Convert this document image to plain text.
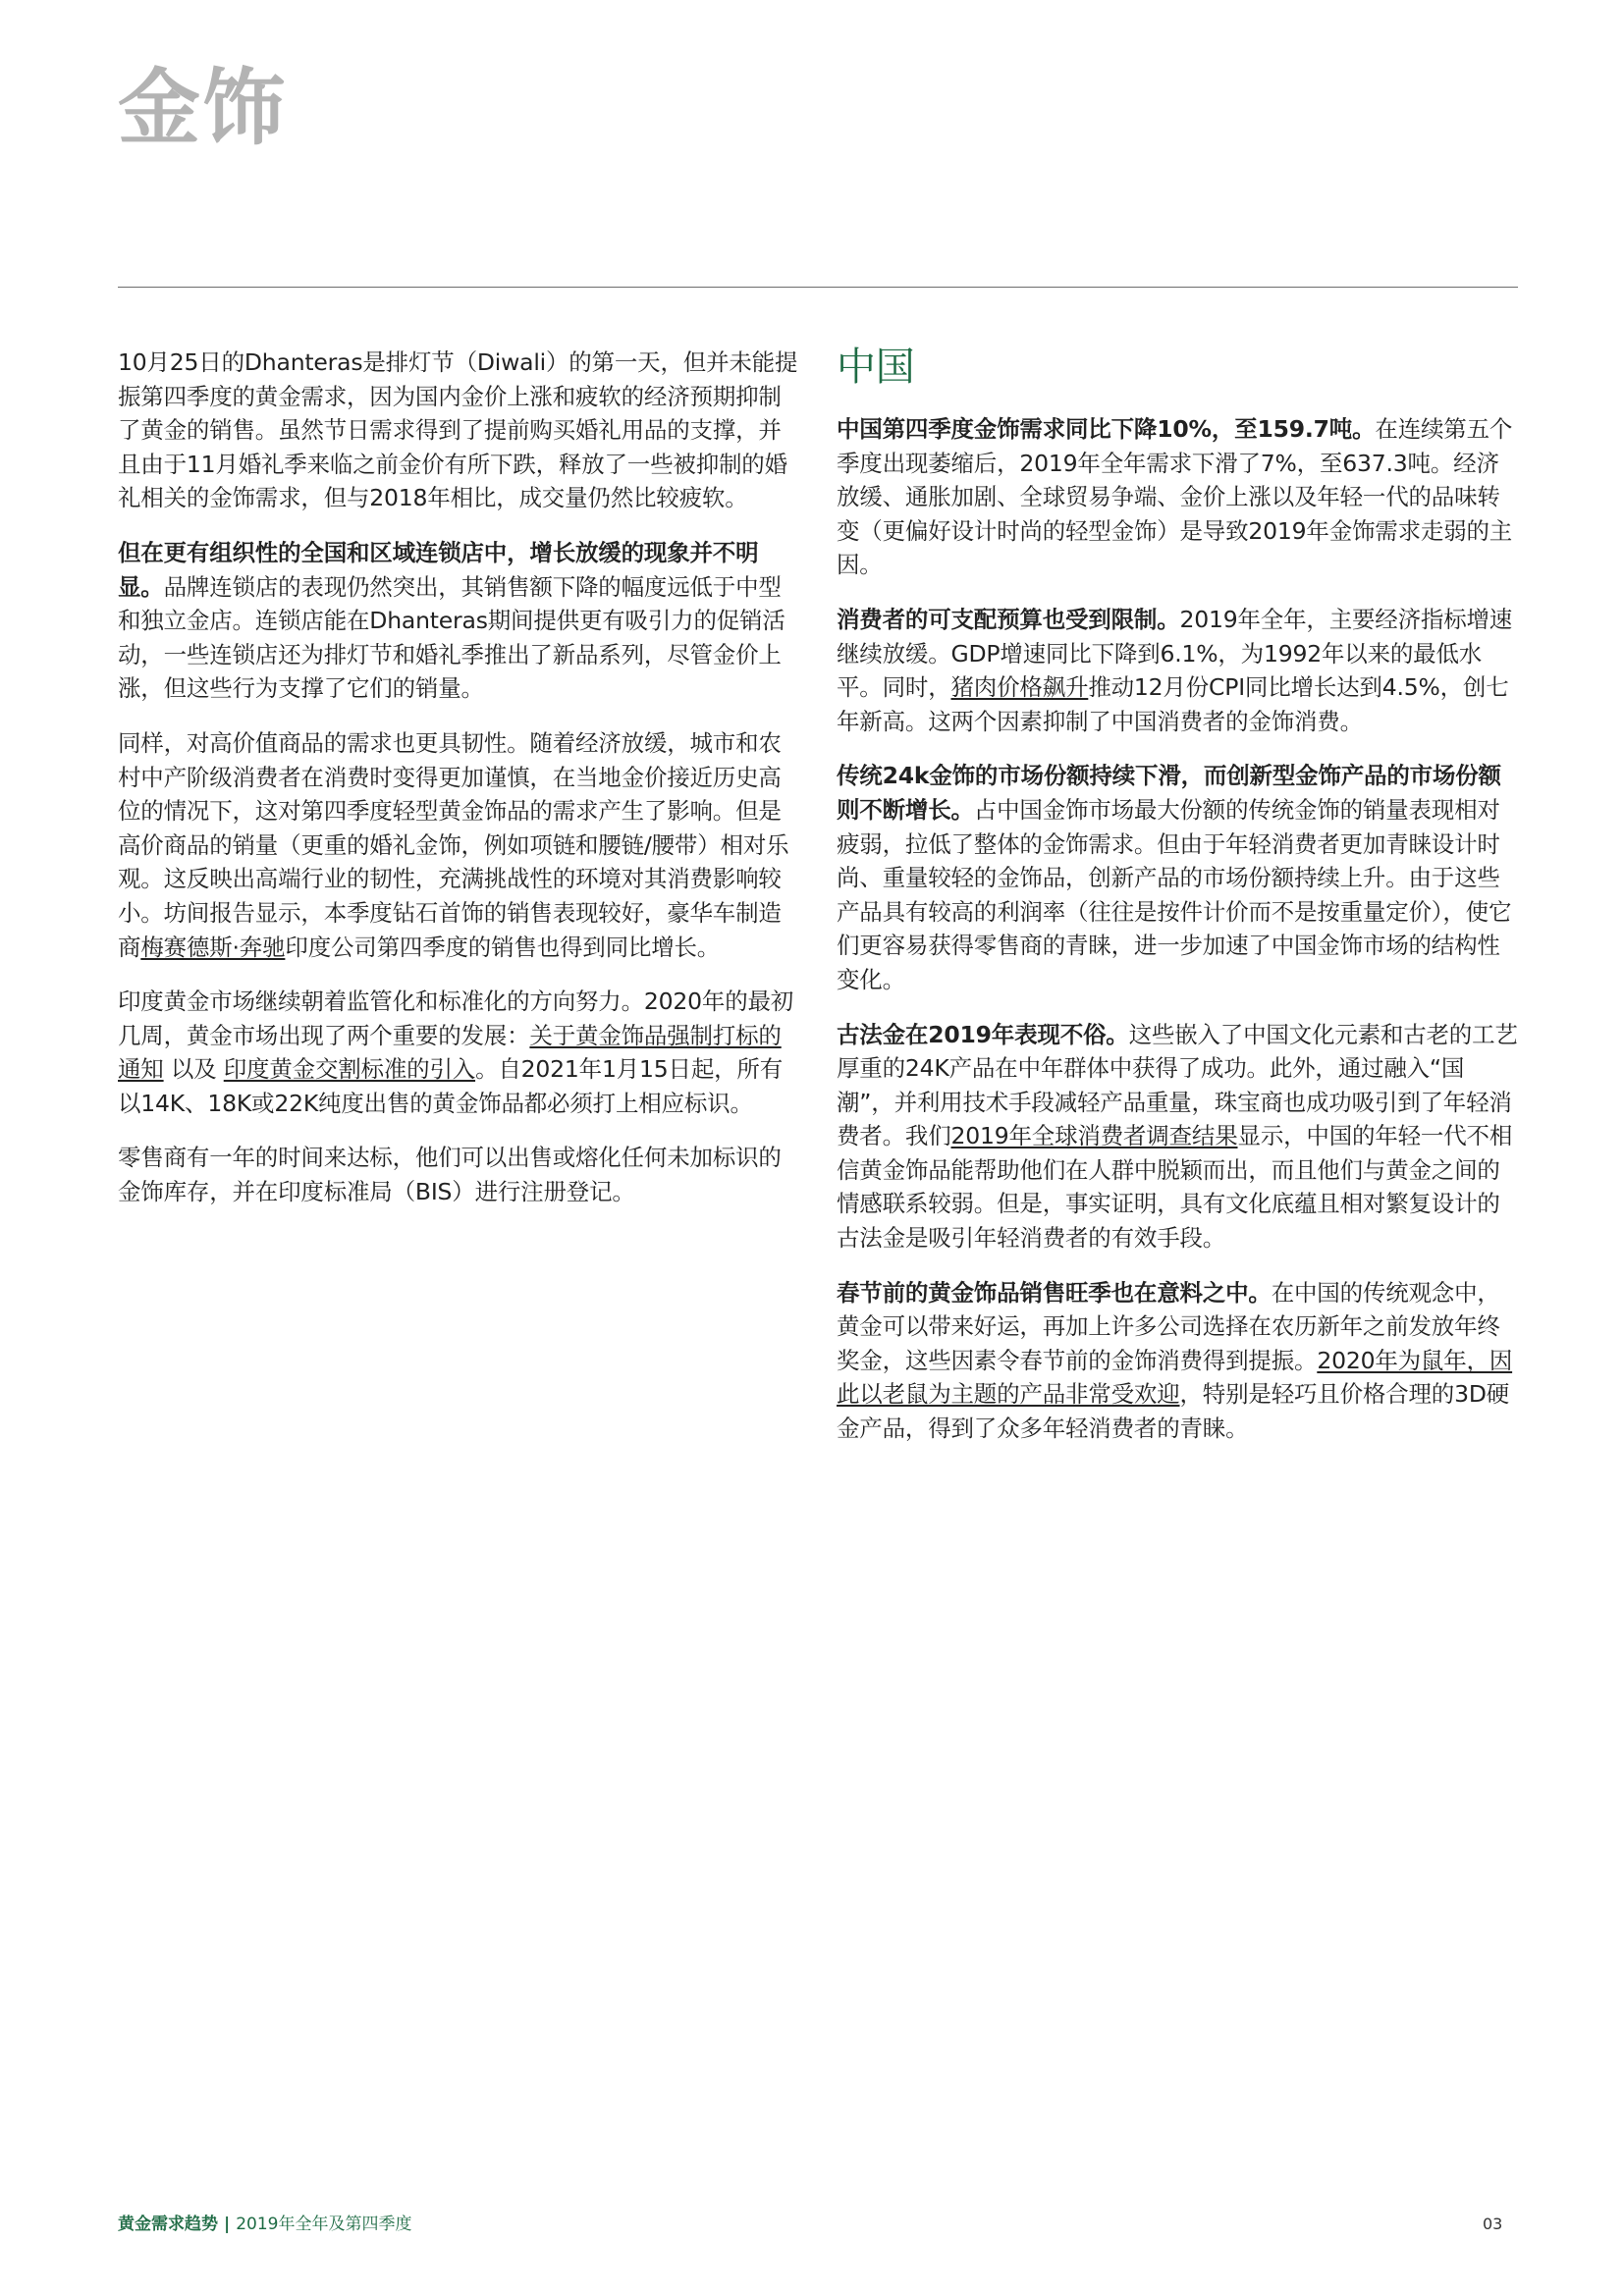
金饰

10月25日的Dhanteras是排灯节（Diwali）的第一天，但并未能提振第四季度的黄金需求，因为国内金价上涨和疲软的经济预期抑制了黄金的销售。虽然节日需求得到了提前购买婚礼用品的支撑，并且由于11月婚礼季来临之前金价有所下跌，释放了一些被抑制的婚礼相关的金饰需求，但与2018年相比，成交量仍然比较疲软。

但在更有组织性的全国和区域连锁店中，增长放缓的现象并不明显。品牌连锁店的表现仍然突出，其销售额下降的幅度远低于中型和独立金店。连锁店能在Dhanteras期间提供更有吸引力的促销活动，一些连锁店还为排灯节和婚礼季推出了新品系列，尽管金价上涨，但这些行为支撑了它们的销量。

同样，对高价值商品的需求也更具韧性。随着经济放缓，城市和农村中产阶级消费者在消费时变得更加谨慎，在当地金价接近历史高位的情况下，这对第四季度轻型黄金饰品的需求产生了影响。但是高价商品的销量（更重的婚礼金饰，例如项链和腰链/腰带）相对乐观。这反映出高端行业的韧性，充满挑战性的环境对其消费影响较小。坊间报告显示，本季度钻石首饰的销售表现较好，豪华车制造商梅赛德斯·奔驰印度公司第四季度的销售也得到同比增长。

印度黄金市场继续朝着监管化和标准化的方向努力。2020年的最初几周，黄金市场出现了两个重要的发展：关于黄金饰品强制打标的通知 以及 印度黄金交割标准的引入。自2021年1月15日起，所有以14K、18K或22K纯度出售的黄金饰品都必须打上相应标识。

零售商有一年的时间来达标，他们可以出售或熔化任何未加标识的金饰库存，并在印度标准局（BIS）进行注册登记。

中国

中国第四季度金饰需求同比下降10%，至159.7吨。在连续第五个季度出现萎缩后，2019年全年需求下滑了7%，至637.3吨。经济放缓、通胀加剧、全球贸易争端、金价上涨以及年轻一代的品味转变（更偏好设计时尚的轻型金饰）是导致2019年金饰需求走弱的主因。

消费者的可支配预算也受到限制。2019年全年，主要经济指标增速继续放缓。GDP增速同比下降到6.1%，为1992年以来的最低水平。同时，猪肉价格飙升推动12月份CPI同比增长达到4.5%，创七年新高。这两个因素抑制了中国消费者的金饰消费。

传统24k金饰的市场份额持续下滑，而创新型金饰产品的市场份额则不断增长。占中国金饰市场最大份额的传统金饰的销量表现相对疲弱，拉低了整体的金饰需求。但由于年轻消费者更加青睐设计时尚、重量较轻的金饰品，创新产品的市场份额持续上升。由于这些产品具有较高的利润率（往往是按件计价而不是按重量定价），使它们更容易获得零售商的青睐，进一步加速了中国金饰市场的结构性变化。

古法金在2019年表现不俗。这些嵌入了中国文化元素和古老的工艺厚重的24K产品在中年群体中获得了成功。此外，通过融入“国潮”，并利用技术手段减轻产品重量，珠宝商也成功吸引到了年轻消费者。我们2019年全球消费者调查结果显示，中国的年轻一代不相信黄金饰品能帮助他们在人群中脱颖而出，而且他们与黄金之间的情感联系较弱。但是，事实证明，具有文化底蕴且相对繁复设计的古法金是吸引年轻消费者的有效手段。

春节前的黄金饰品销售旺季也在意料之中。在中国的传统观念中，黄金可以带来好运，再加上许多公司选择在农历新年之前发放年终奖金，这些因素令春节前的金饰消费得到提振。2020年为鼠年，因此以老鼠为主题的产品非常受欢迎，特别是轻巧且价格合理的3D硬金产品，得到了众多年轻消费者的青睐。

黄金需求趋势 | 2019年全年及第四季度	03
